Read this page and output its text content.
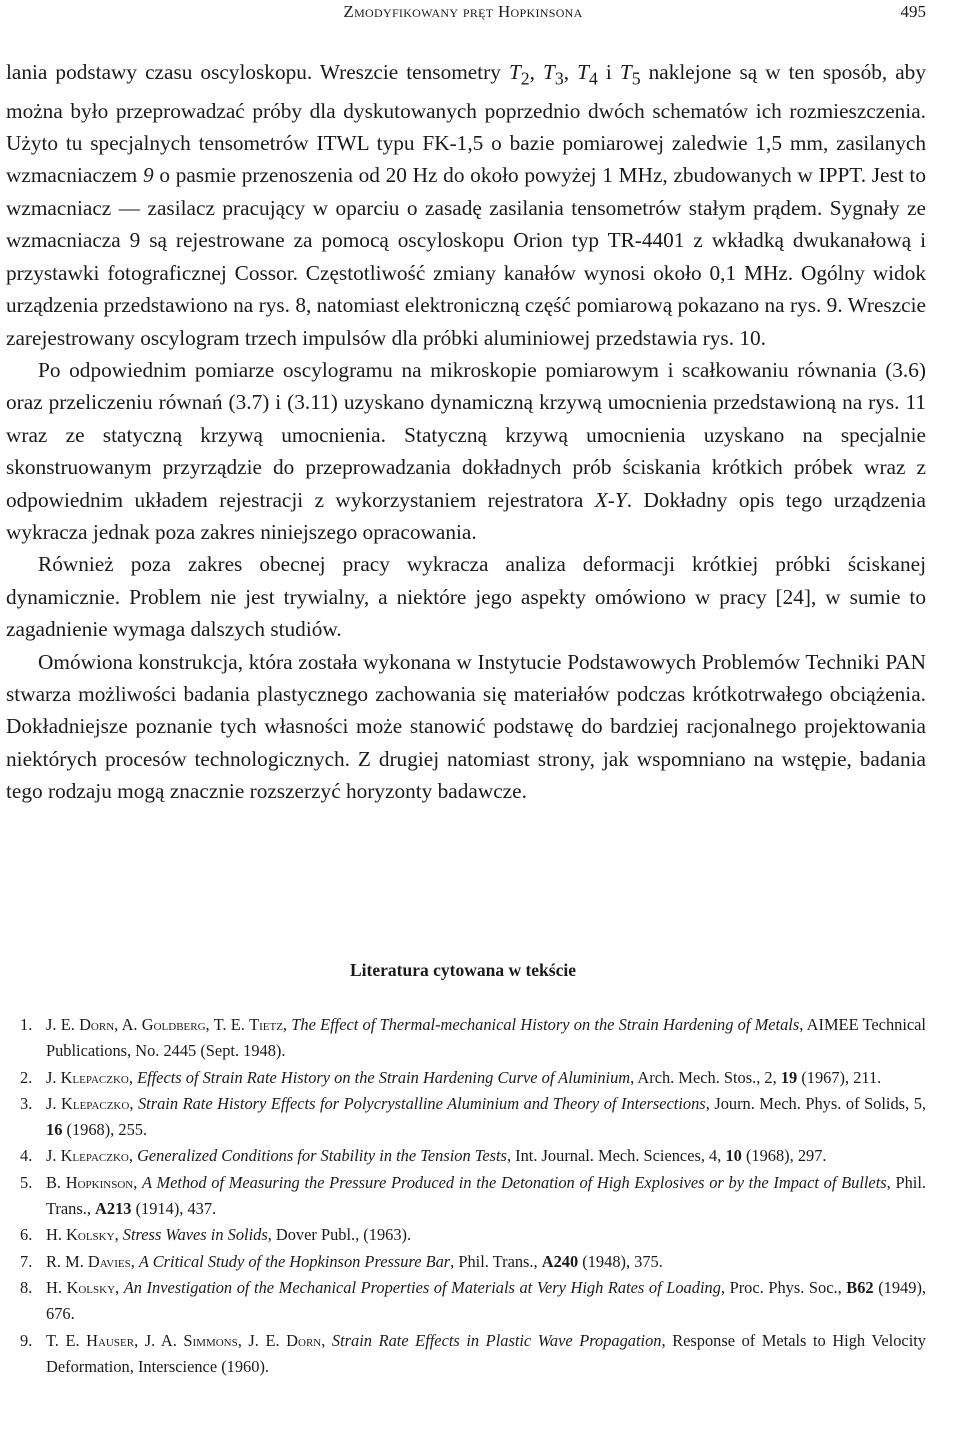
Zmodyfikowany pręt Hopkinsona	495

lania podstawy czasu oscyloskopu. Wreszcie tensometry $T_2$, $T_3$, $T_4$ i $T_5$ naklejone są w ten sposób, aby można było przeprowadzać próby dla dyskutowanych poprzednio dwóch schematów ich rozmieszczenia. Użyto tu specjalnych tensometrów ITWL typu FK-1,5 o bazie pomiarowej zaledwie 1,5 mm, zasilanych wzmacniaczem 9 o pasmie przenoszenia od 20 Hz do około powyżej 1 MHz, zbudowanych w IPPT. Jest to wzmacniacz — zasilacz pracujący w oparciu o zasadę zasilania tensometrów stałym prądem. Sygnały ze wzmacniacza 9 są rejestrowane za pomocą oscyloskopu Orion typ TR-4401 z wkładką dwukanałową i przystawki fotograficznej Cossor. Częstotliwość zmiany kanałów wynosi około 0,1 MHz. Ogólny widok urządzenia przedstawiono na rys. 8, natomiast elektroniczną część pomiarową pokazano na rys. 9. Wreszcie zarejestrowany oscylogram trzech impulsów dla próbki aluminiowej przedstawia rys. 10.

Po odpowiednim pomiarze oscylogramu na mikroskopie pomiarowym i scałkowaniu równania (3.6) oraz przeliczeniu równań (3.7) i (3.11) uzyskano dynamiczną krzywą umocnienia przedstawioną na rys. 11 wraz ze statyczną krzywą umocnienia. Statyczną krzywą umocnienia uzyskano na specjalnie skonstruowanym przyrządzie do przeprowadzania dokładnych prób ściskania krótkich próbek wraz z odpowiednim układem rejestracji z wykorzystaniem rejestratora X-Y. Dokładny opis tego urządzenia wykracza jednak poza zakres niniejszego opracowania.

Również poza zakres obecnej pracy wykracza analiza deformacji krótkiej próbki ściskanej dynamicznie. Problem nie jest trywialny, a niektóre jego aspekty omówiono w pracy [24], w sumie to zagadnienie wymaga dalszych studiów.

Omówiona konstrukcja, która została wykonana w Instytucie Podstawowych Problemów Techniki PAN stwarza możliwości badania plastycznego zachowania się materiałów podczas krótkotrwałego obciążenia. Dokładniejsze poznanie tych własności może stanowić podstawę do bardziej racjonalnego projektowania niektórych procesów technologicznych. Z drugiej natomiast strony, jak wspomniano na wstępie, badania tego rodzaju mogą znacznie rozszerzyć horyzonty badawcze.

Literatura cytowana w tekście
1. J. E. Dorn, A. Goldberg, T. E. Tietz, The Effect of Thermal-mechanical History on the Strain Hardening of Metals, AIMEE Technical Publications, No. 2445 (Sept. 1948).
2. J. Klepaczko, Effects of Strain Rate History on the Strain Hardening Curve of Aluminium, Arch. Mech. Stos., 2, 19 (1967), 211.
3. J. Klepaczko, Strain Rate History Effects for Polycrystalline Aluminium and Theory of Intersections, Journ. Mech. Phys. of Solids, 5, 16 (1968), 255.
4. J. Klepaczko, Generalized Conditions for Stability in the Tension Tests, Int. Journal. Mech. Sciences, 4, 10 (1968), 297.
5. B. Hopkinson, A Method of Measuring the Pressure Produced in the Detonation of High Explosives or by the Impact of Bullets, Phil. Trans., A213 (1914), 437.
6. H. Kolsky, Stress Waves in Solids, Dover Publ., (1963).
7. R. M. Davies, A Critical Study of the Hopkinson Pressure Bar, Phil. Trans., A240 (1948), 375.
8. H. Kolsky, An Investigation of the Mechanical Properties of Materials at Very High Rates of Loading, Proc. Phys. Soc., B62 (1949), 676.
9. T. E. Hauser, J. A. Simmons, J. E. Dorn, Strain Rate Effects in Plastic Wave Propagation, Response of Metals to High Velocity Deformation, Interscience (1960).
